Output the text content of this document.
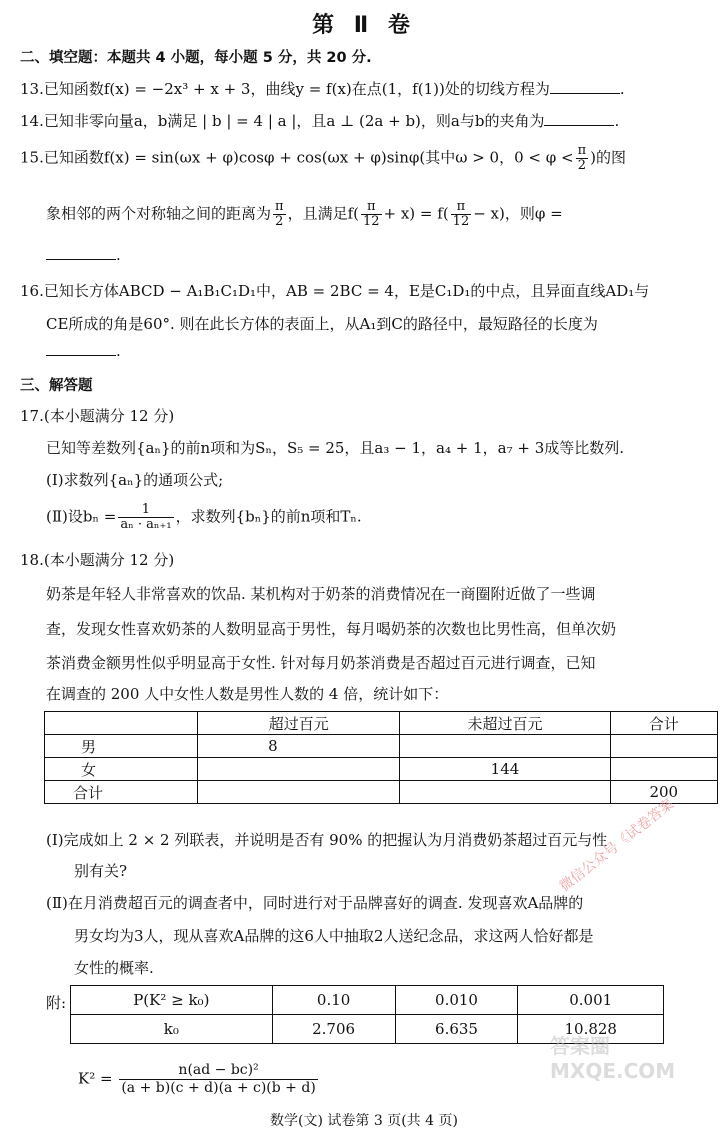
第 Ⅱ 卷
二、填空题：本题共 4 小题，每小题 5 分，共 20 分.
13.已知函数f(x) = −2x³ + x + 3，曲线y = f(x)在点(1，f(1))处的切线方程为	.
14.已知非零向量a，b满足 | b | = 4 | a |，且a ⊥ (2a + b)，则a与b的夹角为	.
15.已知函数f(x) = sin(ωx + φ)cosφ + cos(ωx + φ)sinφ(其中ω > 0，$0 < \varphi < \frac{\pi}{2}$ )的图
象相邻的两个对称轴之间的距离为 $\frac{\pi}{2}$ ，且满足$f( \frac{\pi}{12} + x) = f( \frac{\pi}{12} - x)$，则φ =
.
16.已知长方体ABCD − A₁B₁C₁D₁中，AB = 2BC = 4，E是C₁D₁的中点，且异面直线AD₁与
CE所成的角是60°. 则在此长方体的表面上，从A₁到C的路径中，最短路径的长度为
.
三、解答题
17.(本小题满分 12 分)
已知等差数列{aₙ}的前n项和为Sₙ，S₅ = 25，且a₃ − 1，a₄ + 1，a₇ + 3成等比数列.
(Ⅰ)求数列{aₙ}的通项公式;
(Ⅱ)设$b_n = \frac{1}{\text{aₙ · aₙ₊₁}}$ ，求数列{bₙ}的前n项和Tₙ.
18.(本小题满分 12 分)
奶茶是年轻人非常喜欢的饮品. 某机构对于奶茶的消费情况在一商圈附近做了一些调
查，发现女性喜欢奶茶的人数明显高于男性，每月喝奶茶的次数也比男性高，但单次奶
茶消费金额男性似乎明显高于女性. 针对每月奶茶消费是否超过百元进行调查，已知
在调查的 200 人中女性人数是男性人数的 4 倍，统计如下：
	超过百元	未超过百元	合计
男	8		
女		144	
合计			200
(Ⅰ)完成如上 2 × 2 列联表，并说明是否有 90% 的把握认为月消费奶茶超过百元与性
别有关?
(Ⅱ)在月消费超百元的调查者中，同时进行对于品牌喜好的调查. 发现喜欢A品牌的
男女均为3人，现从喜欢A品牌的这6人中抽取2人送纪念品，求这两人恰好都是
女性的概率.
附:	P(K² ≥ k₀)	0.10	0.010	0.001
k₀	2.706	6.635	10.828
$K^2 = \frac{\text{n(ad − bc)²}}{(a + b)(c + d)(a + c)(b + d)}$
数学(文) 试卷第 3 页(共 4 页)
微信公众号《试卷答案
答案圈 MXQE.COM
